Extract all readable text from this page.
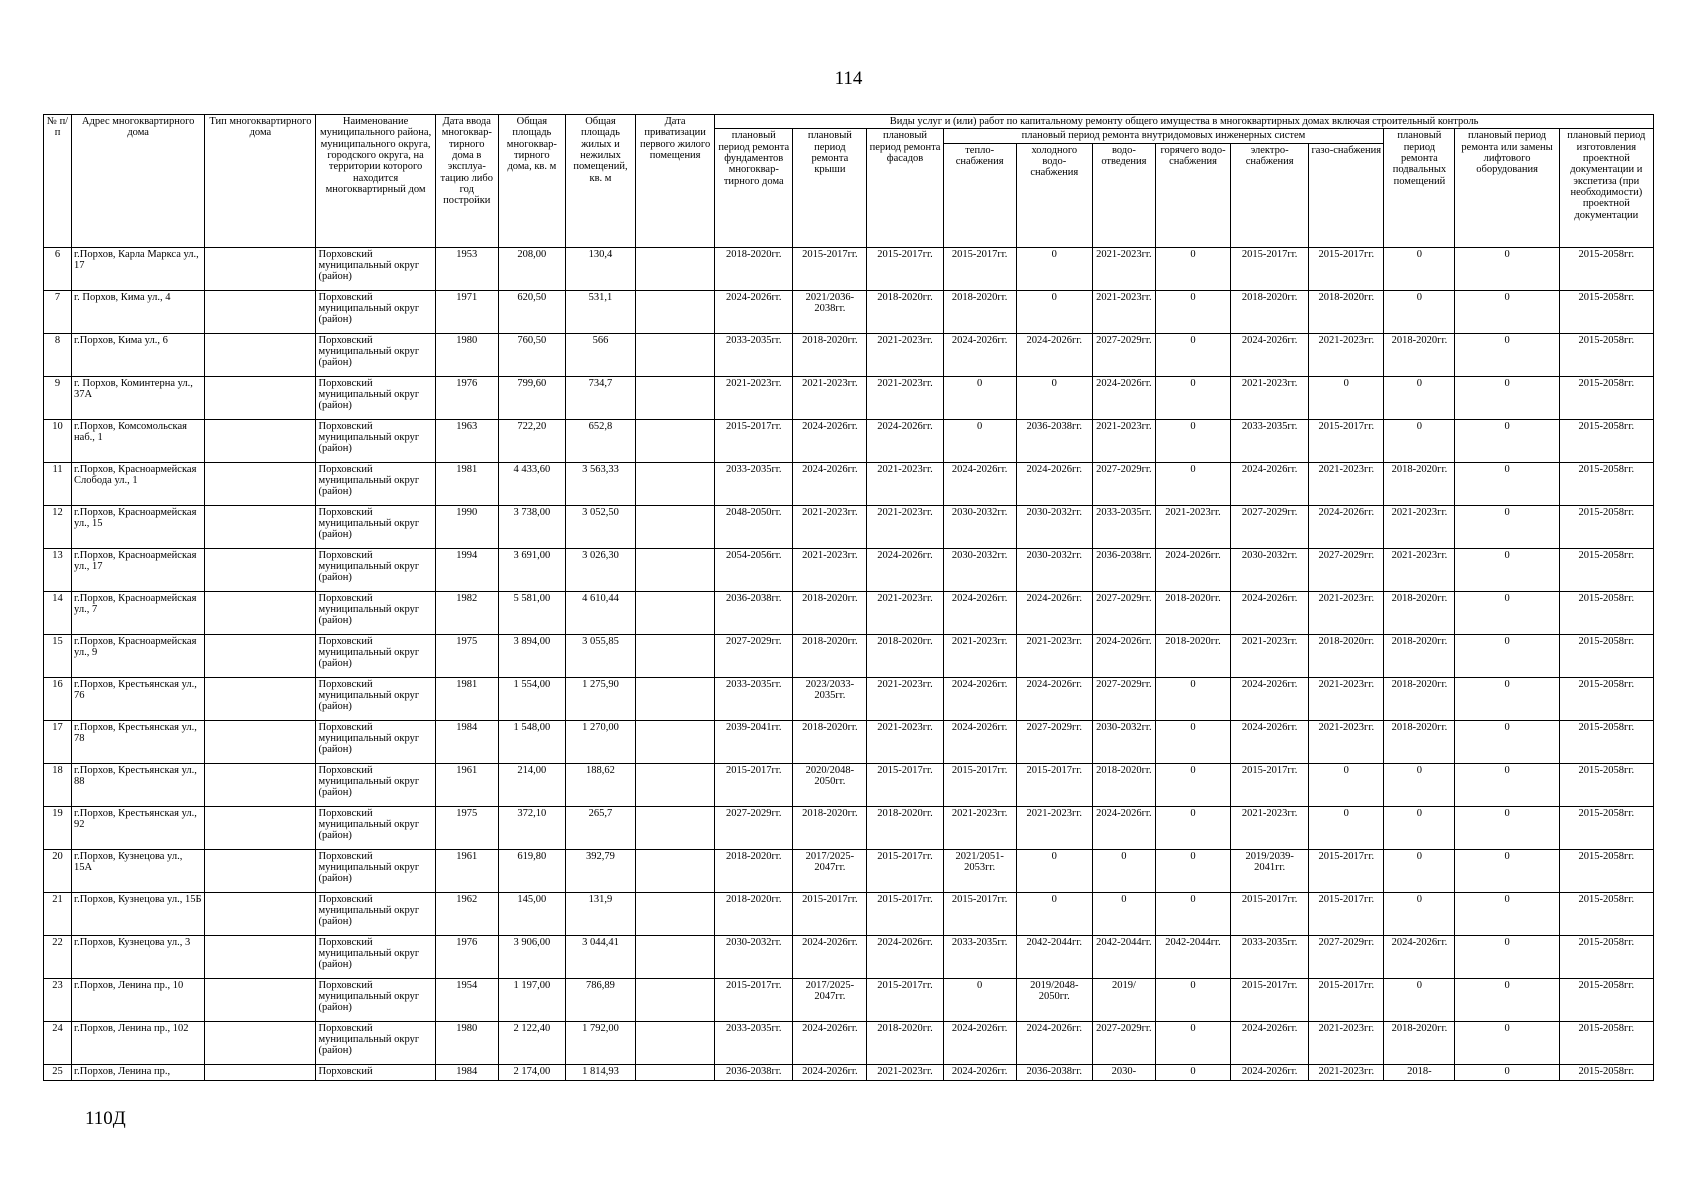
114
№ п/п	Адрес многоквартирного дома	Тип многоквартирного дома	Наименование муниципального района, муниципального округа, городского округа, на территории которого находится многоквартирный дом	Дата ввода многоквар-тирного дома в эксплуа-тацию либо год постройки	Общая площадь многоквар-тирного дома, кв. м	Общая площадь жилых и нежилых помещений, кв. м	Дата приватизации первого жилого помещения	Виды услуг и (или) работ по капитальному ремонту общего имущества в многоквартирных домах включая строительный контроль											
								плановый период ремонта фундаментов многоквар-тирного дома	плановый период ремонта крыши	плановый период ремонта фасадов	плановый период ремонта внутридомовых инженерных систем						плановый период ремонта подвальных помещений	плановый период ремонта или замены лифтового оборудования	плановый период изготовления проектной документации и экспетиза (при необходимости) проектной документации
											тепло-снабжения	холодного водо-снабжения	водо-отведения	горячего водо-снабжения	электро-снабжения	газо-снабжения			
6	г.Порхов, Карла Маркса ул., 17		Порховский муниципальный округ (район)	1953	208,00	130,4		2018-2020гг.	2015-2017гг.	2015-2017гг.	2015-2017гг.	0	2021-2023гг.	0	2015-2017гг.	2015-2017гг.	0	0	2015-2058гг.
7	г. Порхов, Кима ул., 4		Порховский муниципальный округ (район)	1971	620,50	531,1		2024-2026гг.	2021/2036-2038гг.	2018-2020гг.	2018-2020гг.	0	2021-2023гг.	0	2018-2020гг.	2018-2020гг.	0	0	2015-2058гг.
8	г.Порхов, Кима ул., 6		Порховский муниципальный округ (район)	1980	760,50	566		2033-2035гг.	2018-2020гг.	2021-2023гг.	2024-2026гг.	2024-2026гг.	2027-2029гг.	0	2024-2026гг.	2021-2023гг.	2018-2020гг.	0	2015-2058гг.
9	г. Порхов, Коминтерна ул., 37А		Порховский муниципальный округ (район)	1976	799,60	734,7		2021-2023гг.	2021-2023гг.	2021-2023гг.	0	0	2024-2026гг.	0	2021-2023гг.	0	0	0	2015-2058гг.
10	г.Порхов, Комсомольская наб., 1		Порховский муниципальный округ (район)	1963	722,20	652,8		2015-2017гг.	2024-2026гг.	2024-2026гг.	0	2036-2038гг.	2021-2023гг.	0	2033-2035гг.	2015-2017гг.	0	0	2015-2058гг.
11	г.Порхов, Красноармейская Слобода ул., 1		Порховский муниципальный округ (район)	1981	4 433,60	3 563,33		2033-2035гг.	2024-2026гг.	2021-2023гг.	2024-2026гг.	2024-2026гг.	2027-2029гг.	0	2024-2026гг.	2021-2023гг.	2018-2020гг.	0	2015-2058гг.
12	г.Порхов, Красноармейская ул., 15		Порховский муниципальный округ (район)	1990	3 738,00	3 052,50		2048-2050гг.	2021-2023гг.	2021-2023гг.	2030-2032гг.	2030-2032гг.	2033-2035гг.	2021-2023гг.	2027-2029гг.	2024-2026гг.	2021-2023гг.	0	2015-2058гг.
13	г.Порхов, Красноармейская ул., 17		Порховский муниципальный округ (район)	1994	3 691,00	3 026,30		2054-2056гг.	2021-2023гг.	2024-2026гг.	2030-2032гг.	2030-2032гг.	2036-2038гг.	2024-2026гг.	2030-2032гг.	2027-2029гг.	2021-2023гг.	0	2015-2058гг.
14	г.Порхов, Красноармейская ул., 7		Порховский муниципальный округ (район)	1982	5 581,00	4 610,44		2036-2038гг.	2018-2020гг.	2021-2023гг.	2024-2026гг.	2024-2026гг.	2027-2029гг.	2018-2020гг.	2024-2026гг.	2021-2023гг.	2018-2020гг.	0	2015-2058гг.
15	г.Порхов, Красноармейская ул., 9		Порховский муниципальный округ (район)	1975	3 894,00	3 055,85		2027-2029гг.	2018-2020гг.	2018-2020гг.	2021-2023гг.	2021-2023гг.	2024-2026гг.	2018-2020гг.	2021-2023гг.	2018-2020гг.	2018-2020гг.	0	2015-2058гг.
16	г.Порхов, Крестьянская ул., 76		Порховский муниципальный округ (район)	1981	1 554,00	1 275,90		2033-2035гг.	2023/2033-2035гг.	2021-2023гг.	2024-2026гг.	2024-2026гг.	2027-2029гг.	0	2024-2026гг.	2021-2023гг.	2018-2020гг.	0	2015-2058гг.
17	г.Порхов, Крестьянская ул., 78		Порховский муниципальный округ (район)	1984	1 548,00	1 270,00		2039-2041гг.	2018-2020гг.	2021-2023гг.	2024-2026гг.	2027-2029гг.	2030-2032гг.	0	2024-2026гг.	2021-2023гг.	2018-2020гг.	0	2015-2058гг.
18	г.Порхов, Крестьянская ул., 88		Порховский муниципальный округ (район)	1961	214,00	188,62		2015-2017гг.	2020/2048-2050гг.	2015-2017гг.	2015-2017гг.	2015-2017гг.	2018-2020гг.	0	2015-2017гг.	0	0	0	2015-2058гг.
19	г.Порхов, Крестьянская ул., 92		Порховский муниципальный округ (район)	1975	372,10	265,7		2027-2029гг.	2018-2020гг.	2018-2020гг.	2021-2023гг.	2021-2023гг.	2024-2026гг.	0	2021-2023гг.	0	0	0	2015-2058гг.
20	г.Порхов, Кузнецова ул., 15А		Порховский муниципальный округ (район)	1961	619,80	392,79		2018-2020гг.	2017/2025-2047гг.	2015-2017гг.	2021/2051-2053гг.	0	0	0	2019/2039-2041гг.	2015-2017гг.	0	0	2015-2058гг.
21	г.Порхов, Кузнецова ул., 15Б		Порховский муниципальный округ (район)	1962	145,00	131,9		2018-2020гг.	2015-2017гг.	2015-2017гг.	2015-2017гг.	0	0	0	2015-2017гг.	2015-2017гг.	0	0	2015-2058гг.
22	г.Порхов, Кузнецова ул., 3		Порховский муниципальный округ (район)	1976	3 906,00	3 044,41		2030-2032гг.	2024-2026гг.	2024-2026гг.	2033-2035гг.	2042-2044гг.	2042-2044гг.	2042-2044гг.	2033-2035гг.	2027-2029гг.	2024-2026гг.	0	2015-2058гг.
23	г.Порхов, Ленина пр., 10		Порховский муниципальный округ (район)	1954	1 197,00	786,89		2015-2017гг.	2017/2025-2047гг.	2015-2017гг.	0	2019/2048-2050гг.	2019/	0	2015-2017гг.	2015-2017гг.	0	0	2015-2058гг.
24	г.Порхов, Ленина пр., 102		Порховский муниципальный округ (район)	1980	2 122,40	1 792,00		2033-2035гг.	2024-2026гг.	2018-2020гг.	2024-2026гг.	2024-2026гг.	2027-2029гг.	0	2024-2026гг.	2021-2023гг.	2018-2020гг.	0	2015-2058гг.
25	г.Порхов, Ленина пр.,		Порховский	1984	2 174,00	1 814,93		2036-2038гг.	2024-2026гг.	2021-2023гг.	2024-2026гг.	2036-2038гг.	2030-	0	2024-2026гг.	2021-2023гг.	2018-	0	2015-2058гг.
110Д
